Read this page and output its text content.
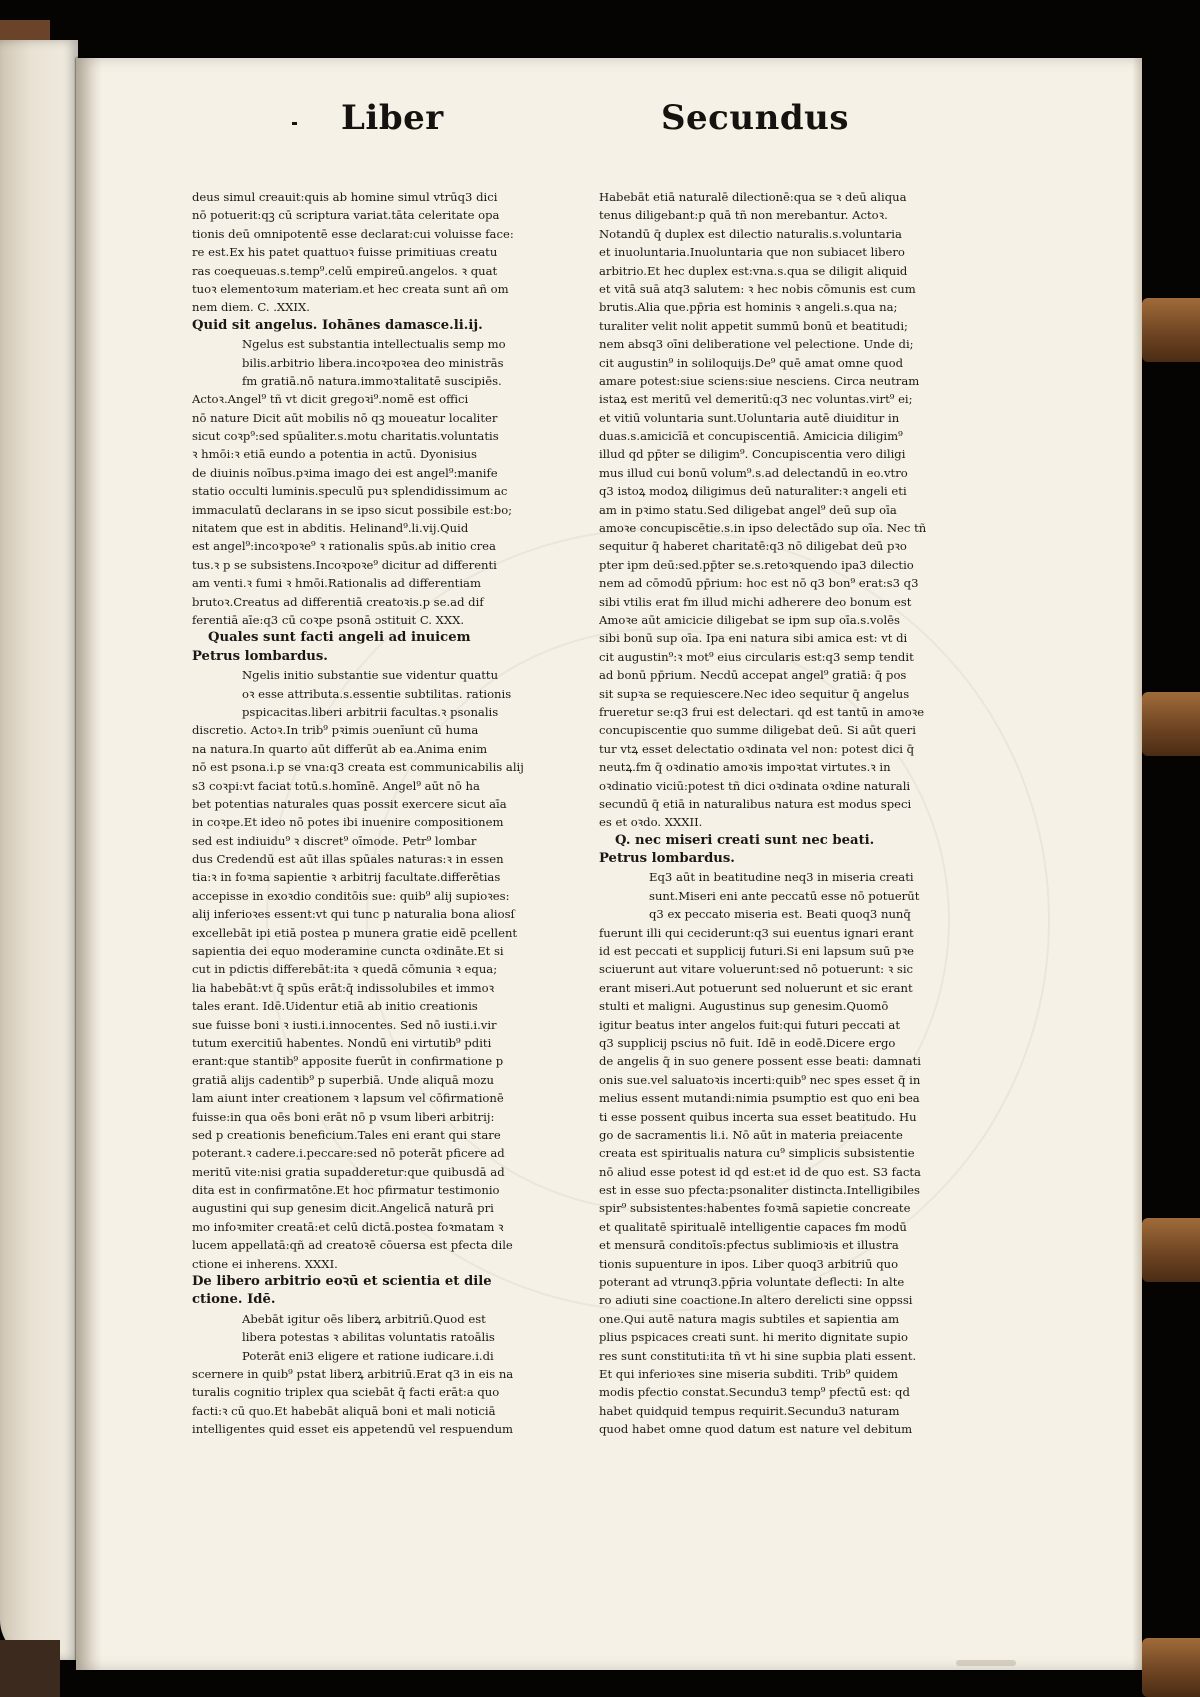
Liber	Secundus
deus simul creauit:quis ab homine simul vtrūq3 dici
nō potuerit:qꝫ cū scriptura variat.tāta celeritate opa
tionis deū omnipotentē esse declarat:cui voluisse face:
re est.Ex his patet quattuoꝛ fuisse primitiuas creatu
ras coequeuas.s.temp⁹.celū empireū.angelos. ꝛ quat
tuoꝛ elementoꝛum materiam.et hec creata sunt añ om
nem diem. C. .XXIX.
Quid sit angelus. Iohānes damasce.li.ij.
Ngelus est substantia intellectualis semp mo
bilis.arbitrio libera.incoꝛpoꝛea deo ministrās
fm gratiā.nō natura.immoꝛtalitatē suscipiēs.
Actoꝛ.Angel⁹ tñ vt dicit gregoꝛi⁹.nomē est offici
nō nature Dicit aūt mobilis nō qꝫ moueatur localiter
sicut coꝛp⁹:sed spūaliter.s.motu charitatis.voluntatis
ꝛ hmōi:ꝛ etiā eundo a potentia in actū. Dyonisius
de diuinis noībus.pꝛima imago dei est angel⁹:manife
statio occulti luminis.speculū puꝛ splendidissimum ac
immaculatū declarans in se ipso sicut possibile est:bo;
nitatem que est in abditis. Helinand⁹.li.vij.Quid
est angel⁹:incoꝛpoꝛe⁹ ꝛ rationalis spūs.ab initio crea
tus.ꝛ p se subsistens.Incoꝛpoꝛe⁹ dicitur ad differenti
am venti.ꝛ fumi ꝛ hmōi.Rationalis ad differentiam
brutoꝛ.Creatus ad differentiā creatoꝛis.p se.ad dif
ferentiā aīe:q3 cū coꝛpe psonā ɔstituit C. XXX.
Quales sunt facti angeli ad inuicem
Petrus lombardus.
Ngelis initio substantie sue videntur quattu
oꝛ esse attributa.s.essentie subtilitas. rationis
pspicacitas.liberi arbitrii facultas.ꝛ psonalis
discretio. Actoꝛ.In trib⁹ pꝛimis ɔuenīunt cū huma
na natura.In quarto aūt differūt ab ea.Anima enim
nō est psona.i.p se vna:q3 creata est communicabilis alij
s3 coꝛpi:vt faciat totū.s.homīnē. Angel⁹ aūt nō ha
bet potentias naturales quas possit exercere sicut aīa
in coꝛpe.Et ideo nō potes ibi inuenire compositionem
sed est indiuidu⁹ ꝛ discret⁹ oīmode. Petr⁹ lombar
dus Credendū est aūt illas spūales naturas:ꝛ in essen
tia:ꝛ in foꝛma sapientie ꝛ arbitrij facultate.differētias
accepisse in exoꝛdio conditōis sue: quib⁹ alij supioꝛes:
alij inferioꝛes essent:vt qui tunc p naturalia bona aliosſ
excellebāt ipi etiā postea p munera gratie eidē pcellent
sapientia dei equo moderamine cuncta oꝛdināte.Et si
cut in pdictis differebāt:ita ꝛ quedā cōmunia ꝛ equa;
lia habebāt:vt q̄ spūs erāt:q̄ indissolubiles et immoꝛ
tales erant. Idē.Uidentur etiā ab initio creationis
sue fuisse boni ꝛ iusti.i.innocentes. Sed nō iusti.i.vir
tutum exercitiū habentes. Nondū eni virtutib⁹ pditi
erant:que stantib⁹ apposite fuerūt in confirmatione p
gratiā alijs cadentib⁹ p superbiā. Unde aliquā mozu
lam aiunt inter creationem ꝛ lapsum vel cōfirmationē
fuisse:in qua oēs boni erāt nō p vsum liberi arbitrij:
sed p creationis beneficium.Tales eni erant qui stare
poterant.ꝛ cadere.i.peccare:sed nō poterāt pficere ad
meritū vite:nisi gratia supadderetur:que quibusdā ad
dita est in confirmatōne.Et hoc pfirmatur testimonio
augustini qui sup genesim dicit.Angelicā naturā pri
mo infoꝛmiter creatā:et celū dictā.postea foꝛmatam ꝛ
lucem appellatā:qñ ad creatoꝛē cōuersa est pfecta dile
ctione ei inherens. XXXI.
De libero arbitrio eoꝛū et scientia et dile
ctione. Idē.
Abebāt igitur oēs liberꝝ arbitriū.Quod est
libera potestas ꝛ abilitas voluntatis ratoālis
Poterāt eni3 eligere et ratione iudicare.i.di
scernere in quib⁹ pstat liberꝝ arbitriū.Erat q3 in eis na
turalis cognitio triplex qua sciebāt q̄ facti erāt:a quo
facti:ꝛ cū quo.Et habebāt aliquā boni et mali noticiā
intelligentes quid esset eis appetendū vel respuendum
Habebāt etiā naturalē dilectionē:qua se ꝛ deū aliqua
tenus diligebant:p quā tñ non merebantur. Actoꝛ.
Notandū q̄ duplex est dilectio naturalis.s.voluntaria
et inuoluntaria.Inuoluntaria que non subiacet libero
arbitrio.Et hec duplex est:vna.s.qua se diligit aliquid
et vitā suā atq3 salutem: ꝛ hec nobis cōmunis est cum
brutis.Alia que.pp̄ria est hominis ꝛ angeli.s.qua na;
turaliter velit nolit appetit summū bonū et beatitudi;
nem absq3 oīni deliberatione vel pelectione. Unde di;
cit augustin⁹ in soliloquijs.De⁹ quē amat omne quod
amare potest:siue sciens:siue nesciens. Circa neutram
istaꝝ est meritū vel demeritū:q3 nec voluntas.virt⁹ ei;
et vitiū voluntaria sunt.Uoluntaria autē diuiditur in
duas.s.amicicīā et concupiscentiā. Amicicia diligim⁹
illud qd pp̄ter se diligim⁹. Concupiscentia vero diligi
mus illud cui bonū volum⁹.s.ad delectandū in eo.vtro
q3 istoꝝ modoꝝ diligimus deū naturaliter:ꝛ angeli eti
am in pꝛimo statu.Sed diligebat angel⁹ deū sup oīa
amoꝛe concupiscētie.s.in ipso delectādo sup oīa. Nec tñ
sequitur q̄ haberet charitatē:q3 nō diligebat deū pꝛo
pter ipm deū:sed.pp̄ter se.s.retoꝛquendo ipa3 dilectio
nem ad cōmodū pp̄rium: hoc est nō q3 bon⁹ erat:s3 q3
sibi vtilis erat fm illud michi adherere deo bonum est
Amoꝛe aūt amicicie diligebat se ipm sup oīa.s.volēs
sibi bonū sup oīa. Ipa eni natura sibi amica est: vt di
cit augustin⁹:ꝛ mot⁹ eius circularis est:q3 semp tendit
ad bonū pp̄rium. Necdū accepat angel⁹ gratiā: q̄ pos
sit supꝛa se requiescere.Nec ideo sequitur q̄ angelus
frueretur se:q3 frui est delectari. qd est tantū in amoꝛe
concupiscentie quo summe diligebat deū. Si aūt queri
tur vtꝝ esset delectatio oꝛdinata vel non: potest dici q̄
neutꝝ.fm q̄ oꝛdinatio amoꝛis impoꝛtat virtutes.ꝛ in
oꝛdinatio viciū:potest tñ dici oꝛdinata oꝛdine naturali
secundū q̄ etiā in naturalibus natura est modus speci
es et oꝛdo. XXXII.
Q. nec miseri creati sunt nec beati.
Petrus lombardus.
Eq3 aūt in beatitudine neq3 in miseria creati
sunt.Miseri eni ante peccatū esse nō potuerūt
q3 ex peccato miseria est. Beati quoq3 nunq̄
fuerunt illi qui ceciderunt:q3 sui euentus ignari erant
id est peccati et supplicij futuri.Si eni lapsum suū pꝛe
sciuerunt aut vitare voluerunt:sed nō potuerunt: ꝛ sic
erant miseri.Aut potuerunt sed noluerunt et sic erant
stulti et maligni. Augustinus sup genesim.Quomō
igitur beatus inter angelos fuit:qui futuri peccati at
q3 supplicij pscius nō fuit. Idē in eodē.Dicere ergo
de angelis q̄ in suo genere possent esse beati: damnati
onis sue.vel saluatoꝛis incerti:quib⁹ nec spes esset q̄ in
melius essent mutandi:nimia psumptio est quo eni bea
ti esse possent quibus incerta sua esset beatitudo. Hu
go de sacramentis li.i. Nō aūt in materia preiacente
creata est spiritualis natura cu⁹ simplicis subsistentie
nō aliud esse potest id qd est:et id de quo est. S3 facta
est in esse suo pfecta:psonaliter distincta.Intelligibiles
spir⁹ subsistentes:habentes foꝛmā sapietie concreate
et qualitatē spiritualē intelligentie capaces fm modū
et mensurā conditoīs:pfectus sublimioꝛis et illustra
tionis supuenture in ipos. Liber quoq3 arbitriū quo
poterant ad vtrunq3.pp̄ria voluntate deflecti: In alte
ro adiuti sine coactione.In altero derelicti sine oppssi
one.Qui autē natura magis subtiles et sapientia am
plius pspicaces creati sunt. hi merito dignitate supio
res sunt constituti:ita tñ vt hi sine supbia plati essent.
Et qui inferioꝛes sine miseria subditi. Trib⁹ quidem
modis pfectio constat.Secundu3 temp⁹ pfectū est: qd
habet quidquid tempus requirit.Secundu3 naturam
quod habet omne quod datum est nature vel debitum
